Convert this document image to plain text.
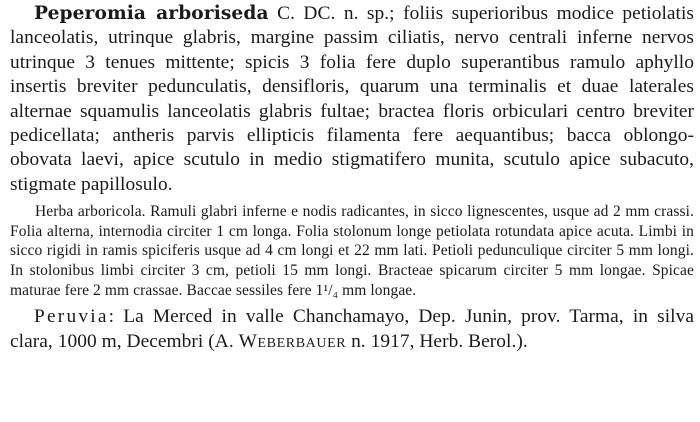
Peperomia arboriseda C. DC. n. sp.; foliis superioribus modice petiolatis lanceolatis, utrinque glabris, margine passim ciliatis, nervo centrali inferne nervos utrinque 3 tenues mittente; spicis 3 folia fere duplo superantibus ramulo aphyllo insertis breviter pedunculatis, densifloris, quarum una terminalis et duae laterales alternae squamulis lanceolatis glabris fultae; bractea floris orbiculari centro breviter pedicellata; antheris parvis ellipticis filamenta fere aequantibus; bacca oblongo-obovata laevi, apice scutulo in medio stigmatifero munita, scutulo apice subacuto, stigmate papillosulo.

Herba arboricola. Ramuli glabri inferne e nodis radicantes, in sicco lignescentes, usque ad 2 mm crassi. Folia alterna, internodia circiter 1 cm longa. Folia stolonum longe petiolata rotundata apice acuta. Limbi in sicco rigidi in ramis spiciferis usque ad 4 cm longi et 22 mm lati. Petioli pedunculique circiter 5 mm longi. In stolonibus limbi circiter 3 cm, petioli 15 mm longi. Bracteae spicarum circiter 5 mm longae. Spicae maturae fere 2 mm crassae. Baccae sessiles fere 1¹/₄ mm longae.

Peruvia: La Merced in valle Chanchamayo, Dep. Junin, prov. Tarma, in silva clara, 1000 m, Decembri (A. Weberbauer n. 1917, Herb. Berol.).
